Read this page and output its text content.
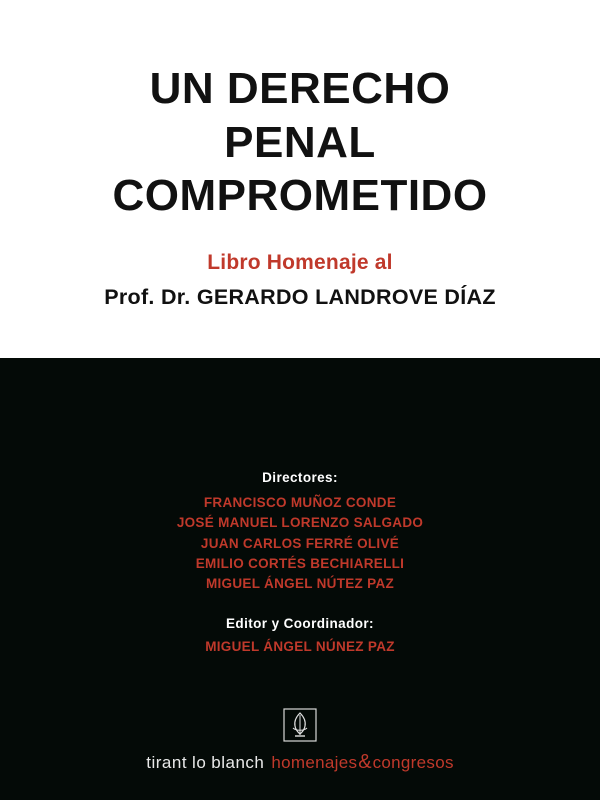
UN DERECHO
PENAL
COMPROMETIDO
Libro Homenaje al
Prof. Dr. GERARDO LANDROVE DÍAZ
Directores:
FRANCISCO MUÑOZ CONDE
JOSÉ MANUEL LORENZO SALGADO
JUAN CARLOS FERRÉ OLIVÉ
EMILIO CORTÉS BECHIARELLI
MIGUEL ÁNGEL NÚTEZ PAZ
Editor y Coordinador:
MIGUEL ÁNGEL NÚNEZ PAZ
tirant lo blanch homenajes & congresos
